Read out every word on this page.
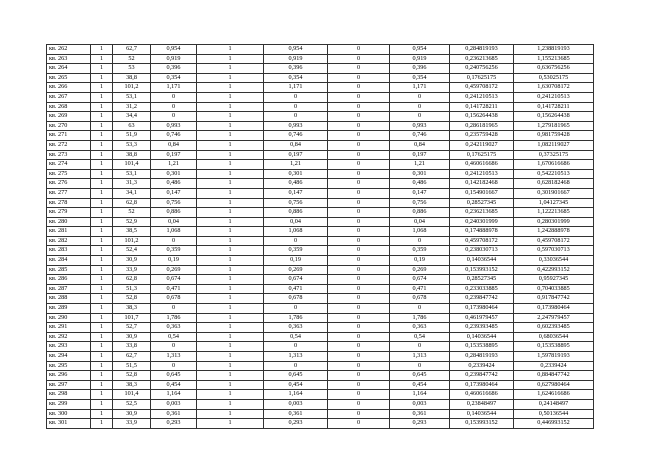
кв. 262	1	62,7	0,954	1	0,954	0	0,954	0,284819193	1,238819193
кв. 263	1	52	0,919	1	0,919	0	0,919	0,236213685	1,155213685
кв. 264	1	53	0,396	1	0,396	0	0,396	0,240756256	0,636756256
кв. 265	1	38,8	0,354	1	0,354	0	0,354	0,17625175	0,53025175
кв. 266	1	101,2	1,171	1	1,171	0	1,171	0,459708172	1,630708172
кв. 267	1	53,1	0	1	0	0	0	0,241210513	0,241210513
кв. 268	1	31,2	0	1	0	0	0	0,141728211	0,141728211
кв. 269	1	34,4	0	1	0	0	0	0,156264438	0,156264438
кв. 270	1	63	0,993	1	0,993	0	0,993	0,286181965	1,279181965
кв. 271	1	51,9	0,746	1	0,746	0	0,746	0,235759428	0,981759428
кв. 272	1	53,3	0,84	1	0,84	0	0,84	0,242119027	1,082119027
кв. 273	1	38,8	0,197	1	0,197	0	0,197	0,17625175	0,37325175
кв. 274	1	101,4	1,21	1	1,21	0	1,21	0,460616686	1,670616686
кв. 275	1	53,1	0,301	1	0,301	0	0,301	0,241210513	0,542210513
кв. 276	1	31,3	0,486	1	0,486	0	0,486	0,142182468	0,628182468
кв. 277	1	34,1	0,147	1	0,147	0	0,147	0,154901667	0,301901667
кв. 278	1	62,8	0,756	1	0,756	0	0,756	0,28527345	1,04127345
кв. 279	1	52	0,886	1	0,886	0	0,886	0,236213685	1,122213685
кв. 280	1	52,9	0,04	1	0,04	0	0,04	0,240301999	0,280301999
кв. 281	1	38,5	1,068	1	1,068	0	1,068	0,174888978	1,242888978
кв. 282	1	101,2	0	1	0	0	0	0,459708172	0,459708172
кв. 283	1	52,4	0,359	1	0,359	0	0,359	0,238030713	0,597030713
кв. 284	1	30,9	0,19	1	0,19	0	0,19	0,14036544	0,33036544
кв. 285	1	33,9	0,269	1	0,269	0	0,269	0,153993152	0,422993152
кв. 286	1	62,8	0,674	1	0,674	0	0,674	0,28527345	0,95927345
кв. 287	1	51,3	0,471	1	0,471	0	0,471	0,233033885	0,704033885
кв. 288	1	52,8	0,678	1	0,678	0	0,678	0,239847742	0,917847742
кв. 289	1	38,3	0	1	0	0	0	0,173980464	0,173980464
кв. 290	1	101,7	1,786	1	1,786	0	1,786	0,461979457	2,247979457
кв. 291	1	52,7	0,363	1	0,363	0	0,363	0,239393485	0,602393485
кв. 292	1	30,9	0,54	1	0,54	0	0,54	0,14036544	0,68036544
кв. 293	1	33,8	0	1	0	0	0	0,153538895	0,153538895
кв. 294	1	62,7	1,313	1	1,313	0	1,313	0,284819193	1,597819193
кв. 295	1	51,5	0	1	0	0	0	0,2339424	0,2339424
кв. 296	1	52,8	0,645	1	0,645	0	0,645	0,239847742	0,884847742
кв. 297	1	38,3	0,454	1	0,454	0	0,454	0,173980464	0,627980464
кв. 298	1	101,4	1,164	1	1,164	0	1,164	0,460616686	1,624616686
кв. 299	1	52,5	0,003	1	0,003	0	0,003	0,23848497	0,24148497
кв. 300	1	30,9	0,361	1	0,361	0	0,361	0,14036544	0,50136544
кв. 301	1	33,9	0,293	1	0,293	0	0,293	0,153993152	0,446993152
